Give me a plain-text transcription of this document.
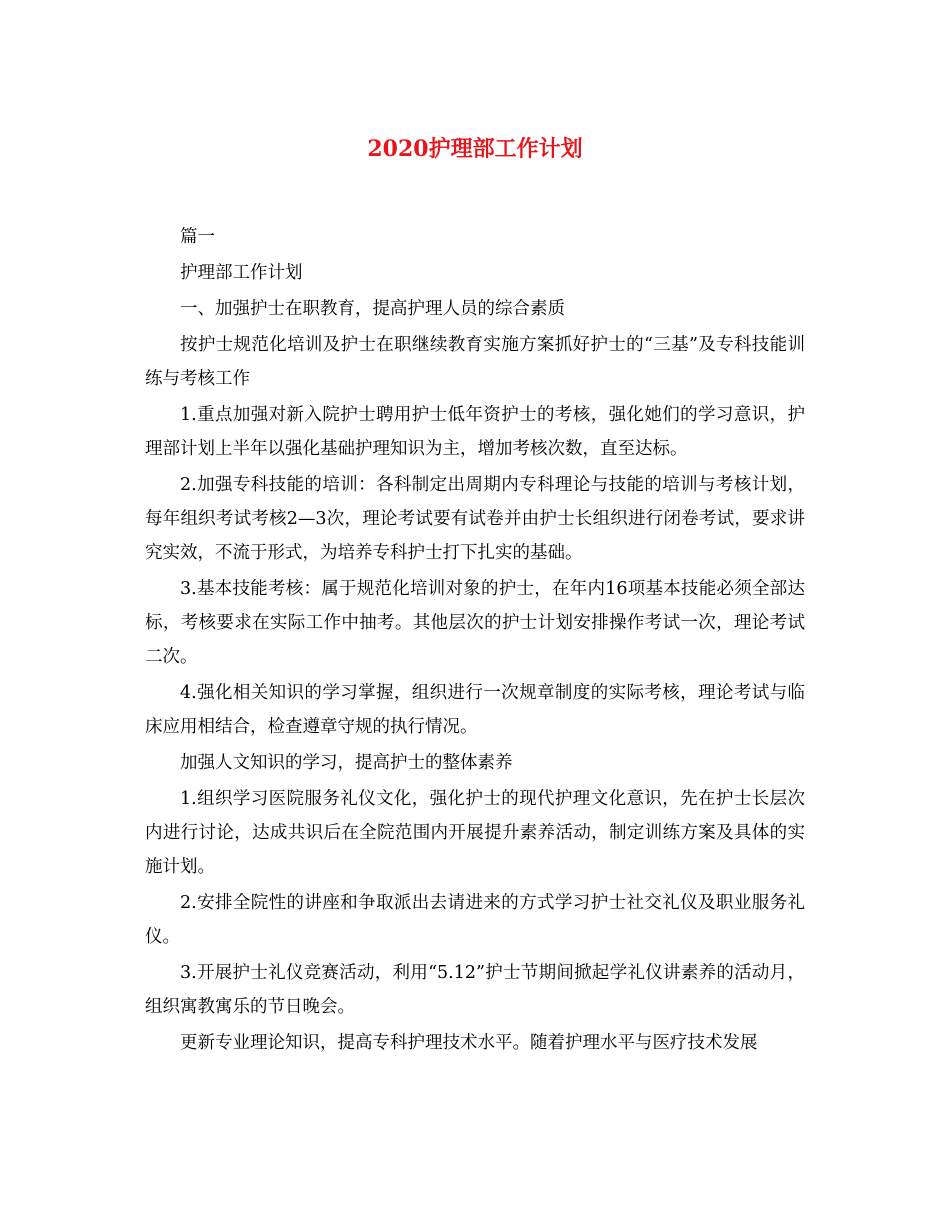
2020护理部工作计划

篇一

护理部工作计划

一、加强护士在职教育，提高护理人员的综合素质

按护士规范化培训及护士在职继续教育实施方案抓好护士的“三基”及专科技能训练与考核工作

1.重点加强对新入院护士聘用护士低年资护士的考核，强化她们的学习意识，护理部计划上半年以强化基础护理知识为主，增加考核次数，直至达标。

2.加强专科技能的培训：各科制定出周期内专科理论与技能的培训与考核计划，每年组织考试考核2—3次，理论考试要有试卷并由护士长组织进行闭卷考试，要求讲究实效，不流于形式，为培养专科护士打下扎实的基础。

3.基本技能考核：属于规范化培训对象的护士，在年内16项基本技能必须全部达标，考核要求在实际工作中抽考。其他层次的护士计划安排操作考试一次，理论考试二次。

4.强化相关知识的学习掌握，组织进行一次规章制度的实际考核，理论考试与临床应用相结合，检查遵章守规的执行情况。

加强人文知识的学习，提高护士的整体素养

1.组织学习医院服务礼仪文化，强化护士的现代护理文化意识，先在护士长层次内进行讨论，达成共识后在全院范围内开展提升素养活动，制定训练方案及具体的实施计划。

2.安排全院性的讲座和争取派出去请进来的方式学习护士社交礼仪及职业服务礼仪。

3.开展护士礼仪竞赛活动，利用“5.12”护士节期间掀起学礼仪讲素养的活动月，组织寓教寓乐的节日晚会。

更新专业理论知识，提高专科护理技术水平。随着护理水平与医疗技术发展
